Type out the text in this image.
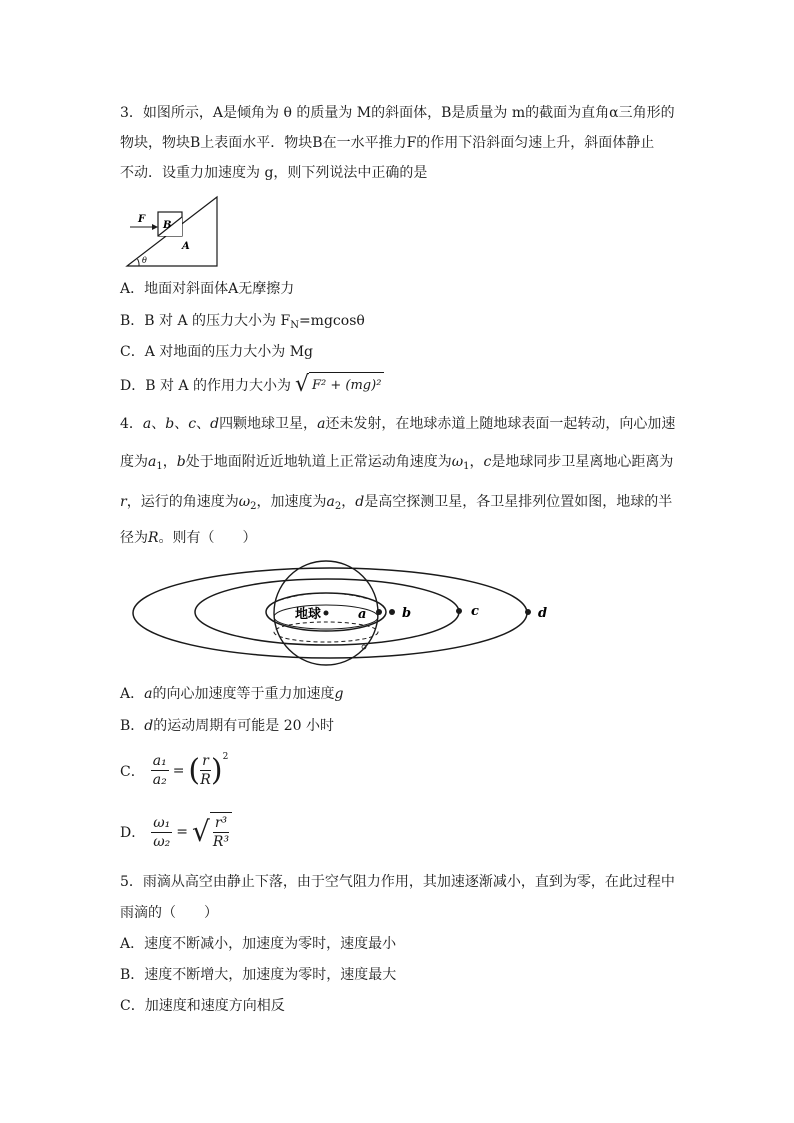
3．如图所示，A是倾角为 θ 的质量为 M的斜面体，B是质量为 m的截面为直角α三角形的
物块，物块B上表面水平．物块B在一水平推力F的作用下沿斜面匀速上升，斜面体静止
不动．设重力加速度为 g，则下列说法中正确的是
F
B
A
θ
A．地面对斜面体A无摩擦力
B．B 对 A 的压力大小为 $F_N=mgcos\theta$
C．A 对地面的压力大小为 Mg
D．B 对 A 的作用力大小为 √ F² + (mg)²
4．a、b、c、d四颗地球卫星，a还未发射，在地球赤道上随地球表面一起转动，向心加速
度为$a_1$，b处于地面附近近地轨道上正常运动角速度为$\omega_1$，c是地球同步卫星离地心距离为
r，运行的角速度为$\omega_2$，加速度为$a_2$，d是高空探测卫星，各卫星排列位置如图，地球的半
径为R。则有（　　）
地球	a	b	c	d
A．a的向心加速度等于重力加速度g
B．d的运动周期有可能是 20 小时
C． $\frac{\text{a₁}}{\text{a₂}}$ = ( $\frac{r}{R}$ ) 2
D． $\frac{\text{ω₁}}{\text{ω₂}}$ = √ $\frac{\text{r³}}{\text{R³}}$
5．雨滴从高空由静止下落，由于空气阻力作用，其加速逐渐减小，直到为零，在此过程中
雨滴的（　　）
A．速度不断减小，加速度为零时，速度最小
B．速度不断增大，加速度为零时，速度最大
C．加速度和速度方向相反
